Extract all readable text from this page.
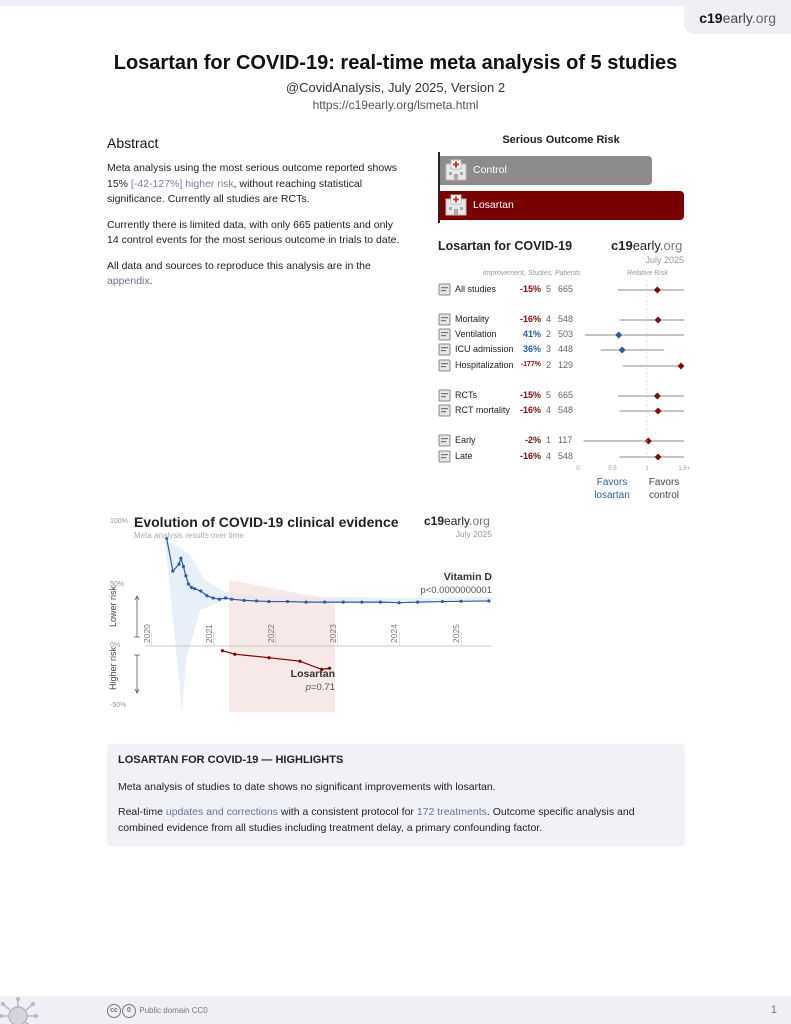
c19early.org
Losartan for COVID-19: real-time meta analysis of 5 studies
@CovidAnalysis, July 2025, Version 2
https://c19early.org/lsmeta.html
Abstract

Meta analysis using the most serious outcome reported shows 15% [-42-127%] higher risk, without reaching statistical significance. Currently all studies are RCTs.

Currently there is limited data, with only 665 patients and only 14 control events for the most serious outcome in trials to date.

All data and sources to reproduce this analysis are in the appendix.

Serious Outcome Risk
Control
Losartan
Losartan for COVID-19	c19early.org
July 2025
Improvement, Studies, Patients	Relative Risk
All studies	-15% 5 665
Mortality	-16% 4 548
Ventilation	41% 2 503
ICU admission	36% 3 448
Hospitalization	-177% 2 129
RCTs	-15% 5 665
RCT mortality -16% 4 548
Early	-2% 1 117
Late	-16% 4 548
0	0.5	1	1.5+
Favors losartan
Favors control
100%
50%
0%
-50%
Evolution of COVID-19 clinical evidence
Meta analysis results over time
c19early.org
July 2025
Vitamin D
p<0.0000000001
Losartan
p=0.71
Lower risk
Higher risk
2020	2021	2022	2023	2024	2025
LOSARTAN FOR COVID-19 — HIGHLIGHTS

Meta analysis of studies to date shows no significant improvements with losartan.

Real-time updates and corrections with a consistent protocol for 172 treatments. Outcome specific analysis and combined evidence from all studies including treatment delay, a primary confounding factor.

cc 0 Public domain CC0	1
